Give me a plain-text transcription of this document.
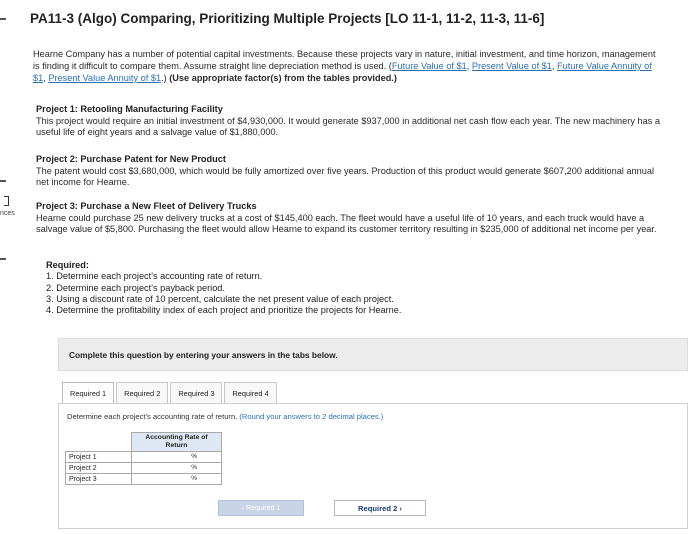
nces
PA11-3 (Algo) Comparing, Prioritizing Multiple Projects [LO 11-1, 11-2, 11-3, 11-6]
Hearne Company has a number of potential capital investments. Because these projects vary in nature, initial investment, and time horizon, management is finding it difficult to compare them. Assume straight line depreciation method is used. (Future Value of $1, Present Value of $1, Future Value Annuity of $1, Present Value Annuity of $1.) (Use appropriate factor(s) from the tables provided.)
Project 1: Retooling Manufacturing Facility
This project would require an initial investment of $4,930,000. It would generate $937,000 in additional net cash flow each year. The new machinery has a useful life of eight years and a salvage value of $1,880,000.
Project 2: Purchase Patent for New Product
The patent would cost $3,680,000, which would be fully amortized over five years. Production of this product would generate $607,200 additional annual net income for Hearne.
Project 3: Purchase a New Fleet of Delivery Trucks
Hearne could purchase 25 new delivery trucks at a cost of $145,400 each. The fleet would have a useful life of 10 years, and each truck would have a salvage value of $5,800. Purchasing the fleet would allow Hearne to expand its customer territory resulting in $235,000 of additional net income per year.
Required:
1. Determine each project's accounting rate of return.
2. Determine each project's payback period.
3. Using a discount rate of 10 percent, calculate the net present value of each project.
4. Determine the profitability index of each project and prioritize the projects for Hearne.
Complete this question by entering your answers in the tabs below.
Required 1	Required 2	Required 3	Required 4
Determine each project's accounting rate of return. (Round your answers to 2 decimal places.)
	Accounting Rate of Return
Project 1	%

Project 2	%

Project 3	%
‹ Required 1	Required 2 ›
